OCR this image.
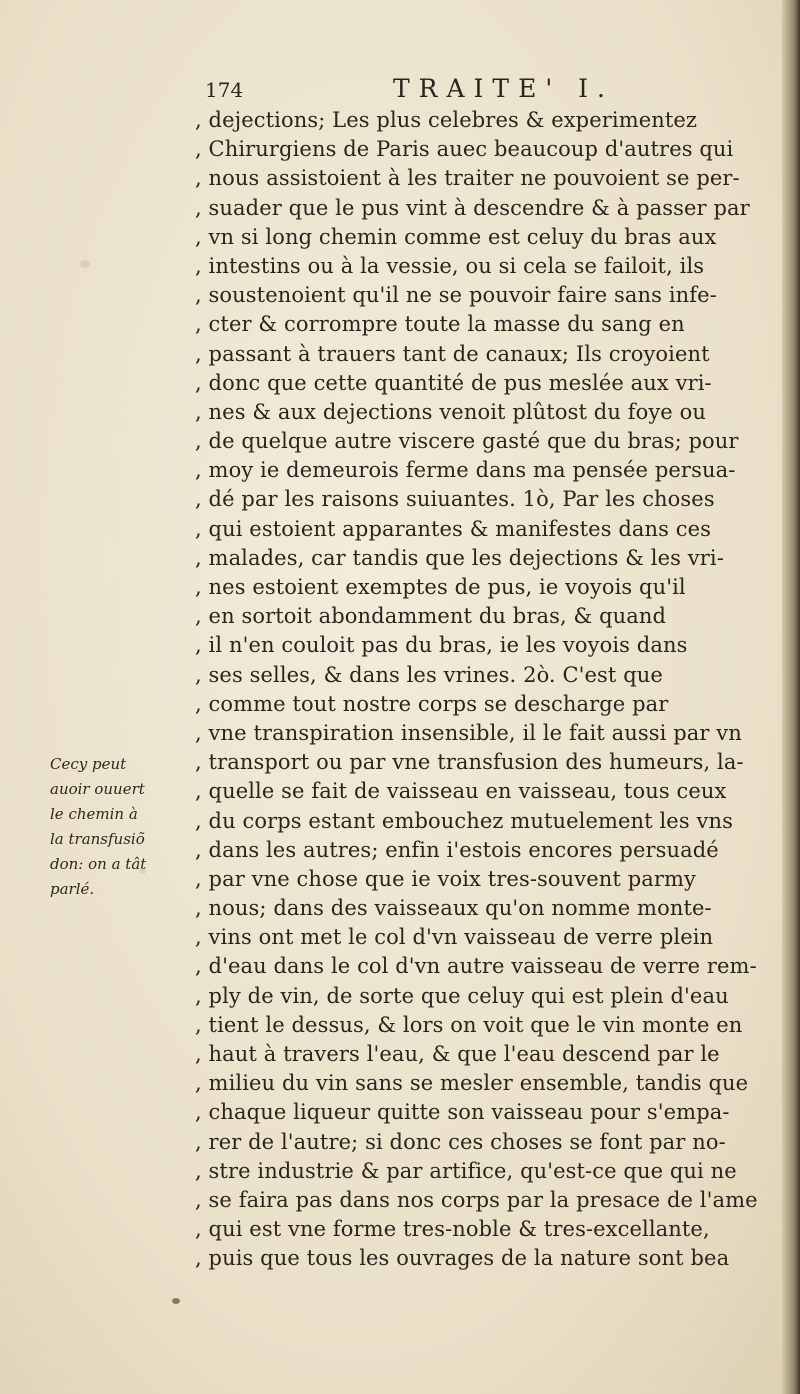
174	TRAITE' I.
, dejections; Les plus celebres & experimentez
, Chirurgiens de Paris auec beaucoup d'autres qui
, nous assistoient à les traiter ne pouvoient se per-
, suader que le pus vint à descendre & à passer par
, vn si long chemin comme est celuy du bras aux
, intestins ou à la vessie, ou si cela se failoit, ils
, soustenoient qu'il ne se pouvoir faire sans infe-
, cter & corrompre toute la masse du sang en
, passant à trauers tant de canaux; Ils croyoient
, donc que cette quantité de pus meslée aux vri-
, nes & aux dejections venoit plûtost du foye ou
, de quelque autre viscere gasté que du bras; pour
, moy ie demeurois ferme dans ma pensée persua-
, dé par les raisons suiuantes. 1ò, Par les choses
, qui estoient apparantes & manifestes dans ces
, malades, car tandis que les dejections & les vri-
, nes estoient exemptes de pus, ie voyois qu'il
, en sortoit abondamment du bras, & quand
, il n'en couloit pas du bras, ie les voyois dans
, ses selles, & dans les vrines. 2ò. C'est que
, comme tout nostre corps se descharge par
, vne transpiration insensible, il le fait aussi par vn
, transport ou par vne transfusion des humeurs, la-
, quelle se fait de vaisseau en vaisseau, tous ceux
, du corps estant embouchez mutuelement les vns
, dans les autres; enfin i'estois encores persuadé
, par vne chose que ie voix tres-souvent parmy
, nous; dans des vaisseaux qu'on nomme monte-
, vins ont met le col d'vn vaisseau de verre plein
, d'eau dans le col d'vn autre vaisseau de verre rem-
, ply de vin, de sorte que celuy qui est plein d'eau
, tient le dessus, & lors on voit que le vin monte en
, haut à travers l'eau, & que l'eau descend par le
, milieu du vin sans se mesler ensemble, tandis que
, chaque liqueur quitte son vaisseau pour s'empa-
, rer de l'autre; si donc ces choses se font par no-
, stre industrie & par artifice, qu'est-ce que qui ne
, se faira pas dans nos corps par la presace de l'ame
, qui est vne forme tres-noble & tres-excellante,
, puis que tous les ouvrages de la nature sont bea
Cecy peut
auoir ouuert
le chemin à
la transfusiõ
don: on a tât
parlé.
